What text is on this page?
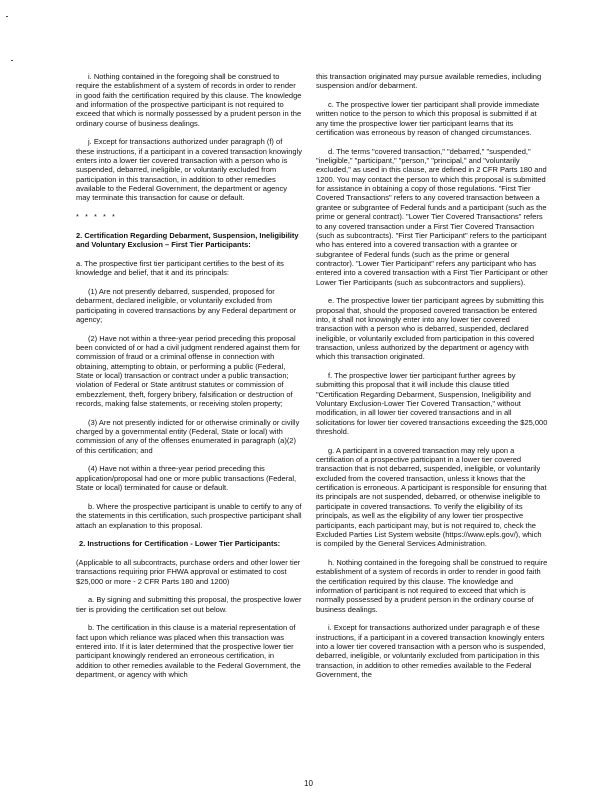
i. Nothing contained in the foregoing shall be construed to require the establishment of a system of records in order to render in good faith the certification required by this clause. The knowledge and information of the prospective participant is not required to exceed that which is normally possessed by a prudent person in the ordinary course of business dealings.

j. Except for transactions authorized under paragraph (f) of these instructions, if a participant in a covered transaction knowingly enters into a lower tier covered transaction with a person who is suspended, debarred, ineligible, or voluntarily excluded from participation in this transaction, in addition to other remedies available to the Federal Government, the department or agency may terminate this transaction for cause or default.

* * * * *

2. Certification Regarding Debarment, Suspension, Ineligibility and Voluntary Exclusion – First Tier Participants:

a. The prospective first tier participant certifies to the best of its knowledge and belief, that it and its principals:

(1) Are not presently debarred, suspended, proposed for debarment, declared ineligible, or voluntarily excluded from participating in covered transactions by any Federal department or agency;

(2) Have not within a three-year period preceding this proposal been convicted of or had a civil judgment rendered against them for commission of fraud or a criminal offense in connection with obtaining, attempting to obtain, or performing a public (Federal, State or local) transaction or contract under a public transaction; violation of Federal or State antitrust statutes or commission of embezzlement, theft, forgery bribery, falsification or destruction of records, making false statements, or receiving stolen property;

(3) Are not presently indicted for or otherwise criminally or civilly charged by a governmental entity (Federal, State or local) with commission of any of the offenses enumerated in paragraph (a)(2) of this certification; and

(4) Have not within a three-year period preceding this application/proposal had one or more public transactions (Federal, State or local) terminated for cause or default.

b. Where the prospective participant is unable to certify to any of the statements in this certification, such prospective participant shall attach an explanation to this proposal.

2. Instructions for Certification - Lower Tier Participants:

(Applicable to all subcontracts, purchase orders and other lower tier transactions requiring prior FHWA approval or estimated to cost $25,000 or more - 2 CFR Parts 180 and 1200)

a. By signing and submitting this proposal, the prospective lower tier is providing the certification set out below.

b. The certification in this clause is a material representation of fact upon which reliance was placed when this transaction was entered into. If it is later determined that the prospective lower tier participant knowingly rendered an erroneous certification, in addition to other remedies available to the Federal Government, the department, or agency with which

this transaction originated may pursue available remedies, including suspension and/or debarment.

c. The prospective lower tier participant shall provide immediate written notice to the person to which this proposal is submitted if at any time the prospective lower tier participant learns that its certification was erroneous by reason of changed circumstances.

d. The terms "covered transaction," "debarred," "suspended," "ineligible," "participant," "person," "principal," and "voluntarily excluded," as used in this clause, are defined in 2 CFR Parts 180 and 1200. You may contact the person to which this proposal is submitted for assistance in obtaining a copy of those regulations. "First Tier Covered Transactions" refers to any covered transaction between a grantee or subgrantee of Federal funds and a participant (such as the prime or general contract). "Lower Tier Covered Transactions" refers to any covered transaction under a First Tier Covered Transaction (such as subcontracts). "First Tier Participant" refers to the participant who has entered into a covered transaction with a grantee or subgrantee of Federal funds (such as the prime or general contractor). "Lower Tier Participant" refers any participant who has entered into a covered transaction with a First Tier Participant or other Lower Tier Participants (such as subcontractors and suppliers).

e. The prospective lower tier participant agrees by submitting this proposal that, should the proposed covered transaction be entered into, it shall not knowingly enter into any lower tier covered transaction with a person who is debarred, suspended, declared ineligible, or voluntarily excluded from participation in this covered transaction, unless authorized by the department or agency with which this transaction originated.

f. The prospective lower tier participant further agrees by submitting this proposal that it will include this clause titled "Certification Regarding Debarment, Suspension, Ineligibility and Voluntary Exclusion-Lower Tier Covered Transaction," without modification, in all lower tier covered transactions and in all solicitations for lower tier covered transactions exceeding the $25,000 threshold.

g. A participant in a covered transaction may rely upon a certification of a prospective participant in a lower tier covered transaction that is not debarred, suspended, ineligible, or voluntarily excluded from the covered transaction, unless it knows that the certification is erroneous. A participant is responsible for ensuring that its principals are not suspended, debarred, or otherwise ineligible to participate in covered transactions. To verify the eligibility of its principals, as well as the eligibility of any lower tier prospective participants, each participant may, but is not required to, check the Excluded Parties List System website (https://www.epls.gov/), which is compiled by the General Services Administration.

h. Nothing contained in the foregoing shall be construed to require establishment of a system of records in order to render in good faith the certification required by this clause. The knowledge and information of participant is not required to exceed that which is normally possessed by a prudent person in the ordinary course of business dealings.

i. Except for transactions authorized under paragraph e of these instructions, if a participant in a covered transaction knowingly enters into a lower tier covered transaction with a person who is suspended, debarred, ineligible, or voluntarily excluded from participation in this transaction, in addition to other remedies available to the Federal Government, the

10
